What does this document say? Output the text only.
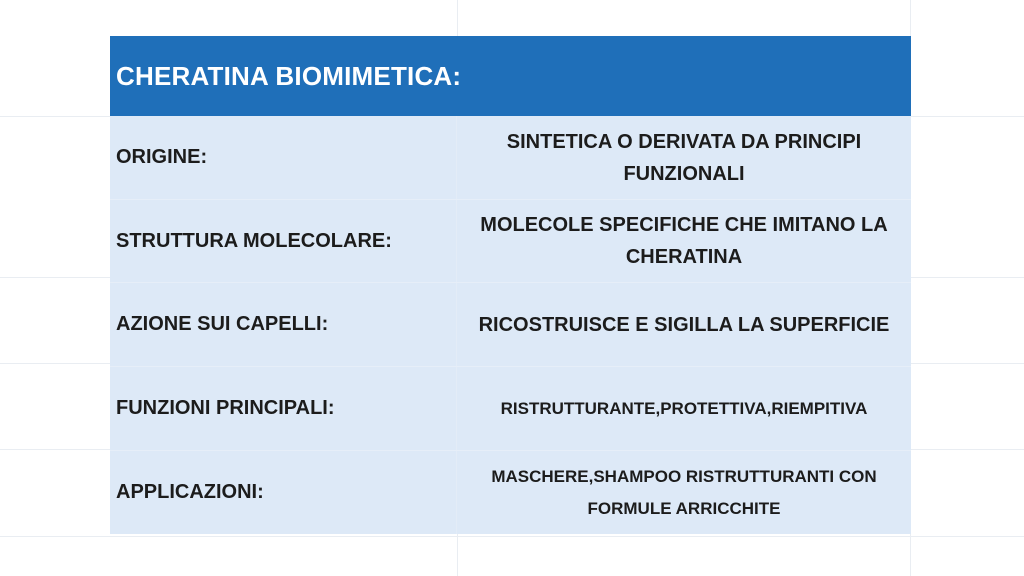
CHERATINA BIOMIMETICA:
ORIGINE:
SINTETICA O DERIVATA DA PRINCIPI FUNZIONALI
STRUTTURA MOLECOLARE:
MOLECOLE SPECIFICHE CHE IMITANO LA CHERATINA
AZIONE SUI CAPELLI:	RICOSTRUISCE E SIGILLA LA SUPERFICIE
FUNZIONI PRINCIPALI:	RISTRUTTURANTE,PROTETTIVA,RIEMPITIVA
APPLICAZIONI:
MASCHERE,SHAMPOO RISTRUTTURANTI CON FORMULE ARRICCHITE
